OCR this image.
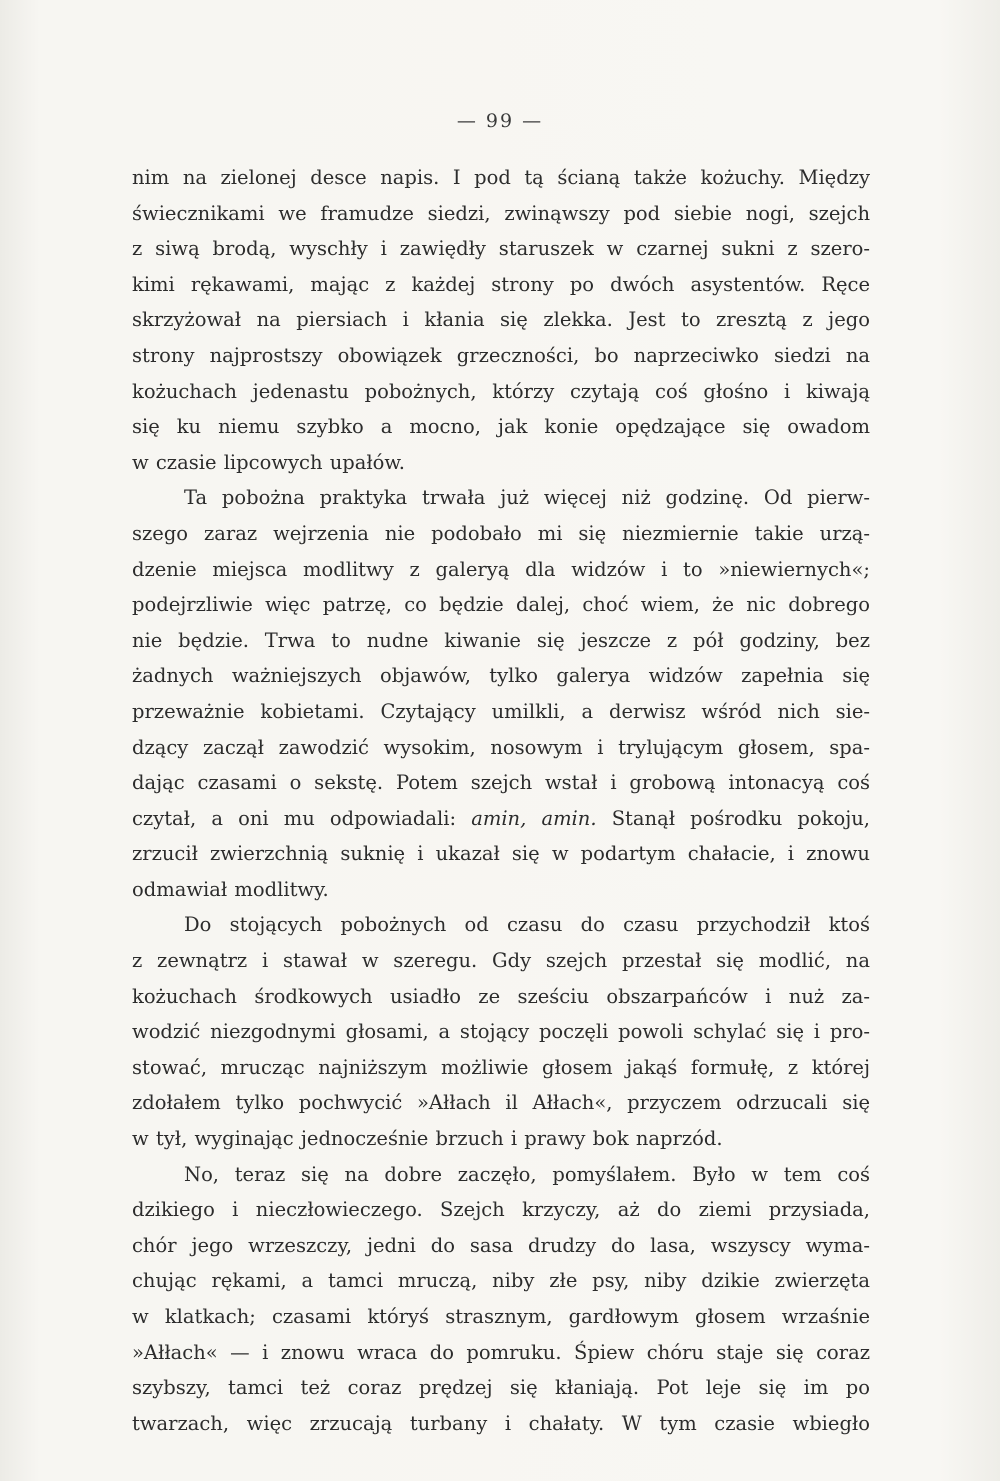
— 99 —
nim na zielonej desce napis. I pod tą ścianą także kożuchy. Między
świecznikami we framudze siedzi, zwinąwszy pod siebie nogi, szejch
z siwą brodą, wyschły i zawiędły staruszek w czarnej sukni z szero-
kimi rękawami, mając z każdej strony po dwóch asystentów. Ręce
skrzyżował na piersiach i kłania się zlekka. Jest to zresztą z jego
strony najprostszy obowiązek grzeczności, bo naprzeciwko siedzi na
kożuchach jedenastu pobożnych, którzy czytają coś głośno i kiwają
się ku niemu szybko a mocno, jak konie opędzające się owadom
w czasie lipcowych upałów.
Ta pobożna praktyka trwała już więcej niż godzinę. Od pierw-
szego zaraz wejrzenia nie podobało mi się niezmiernie takie urzą-
dzenie miejsca modlitwy z galeryą dla widzów i to »niewiernych«;
podejrzliwie więc patrzę, co będzie dalej, choć wiem, że nic dobrego
nie będzie. Trwa to nudne kiwanie się jeszcze z pół godziny, bez
żadnych ważniejszych objawów, tylko galerya widzów zapełnia się
przeważnie kobietami. Czytający umilkli, a derwisz wśród nich sie-
dzący zaczął zawodzić wysokim, nosowym i trylującym głosem, spa-
dając czasami o sekstę. Potem szejch wstał i grobową intonacyą coś
czytał, a oni mu odpowiadali: amin, amin. Stanął pośrodku pokoju,
zrzucił zwierzchnią suknię i ukazał się w podartym chałacie, i znowu
odmawiał modlitwy.
Do stojących pobożnych od czasu do czasu przychodził ktoś
z zewnątrz i stawał w szeregu. Gdy szejch przestał się modlić, na
kożuchach środkowych usiadło ze sześciu obszarpańców i nuż za-
wodzić niezgodnymi głosami, a stojący poczęli powoli schylać się i pro-
stować, mrucząc najniższym możliwie głosem jakąś formułę, z której
zdołałem tylko pochwycić »Ałłach il Ałłach«, przyczem odrzucali się
w tył, wyginając jednocześnie brzuch i prawy bok naprzód.
No, teraz się na dobre zaczęło, pomyślałem. Było w tem coś
dzikiego i nieczłowieczego. Szejch krzyczy, aż do ziemi przysiada,
chór jego wrzeszczy, jedni do sasa drudzy do lasa, wszyscy wyma-
chując rękami, a tamci mruczą, niby złe psy, niby dzikie zwierzęta
w klatkach; czasami któryś strasznym, gardłowym głosem wrzaśnie
»Ałłach« — i znowu wraca do pomruku. Śpiew chóru staje się coraz
szybszy, tamci też coraz prędzej się kłaniają. Pot leje się im po
twarzach, więc zrzucają turbany i chałaty. W tym czasie wbiegło
